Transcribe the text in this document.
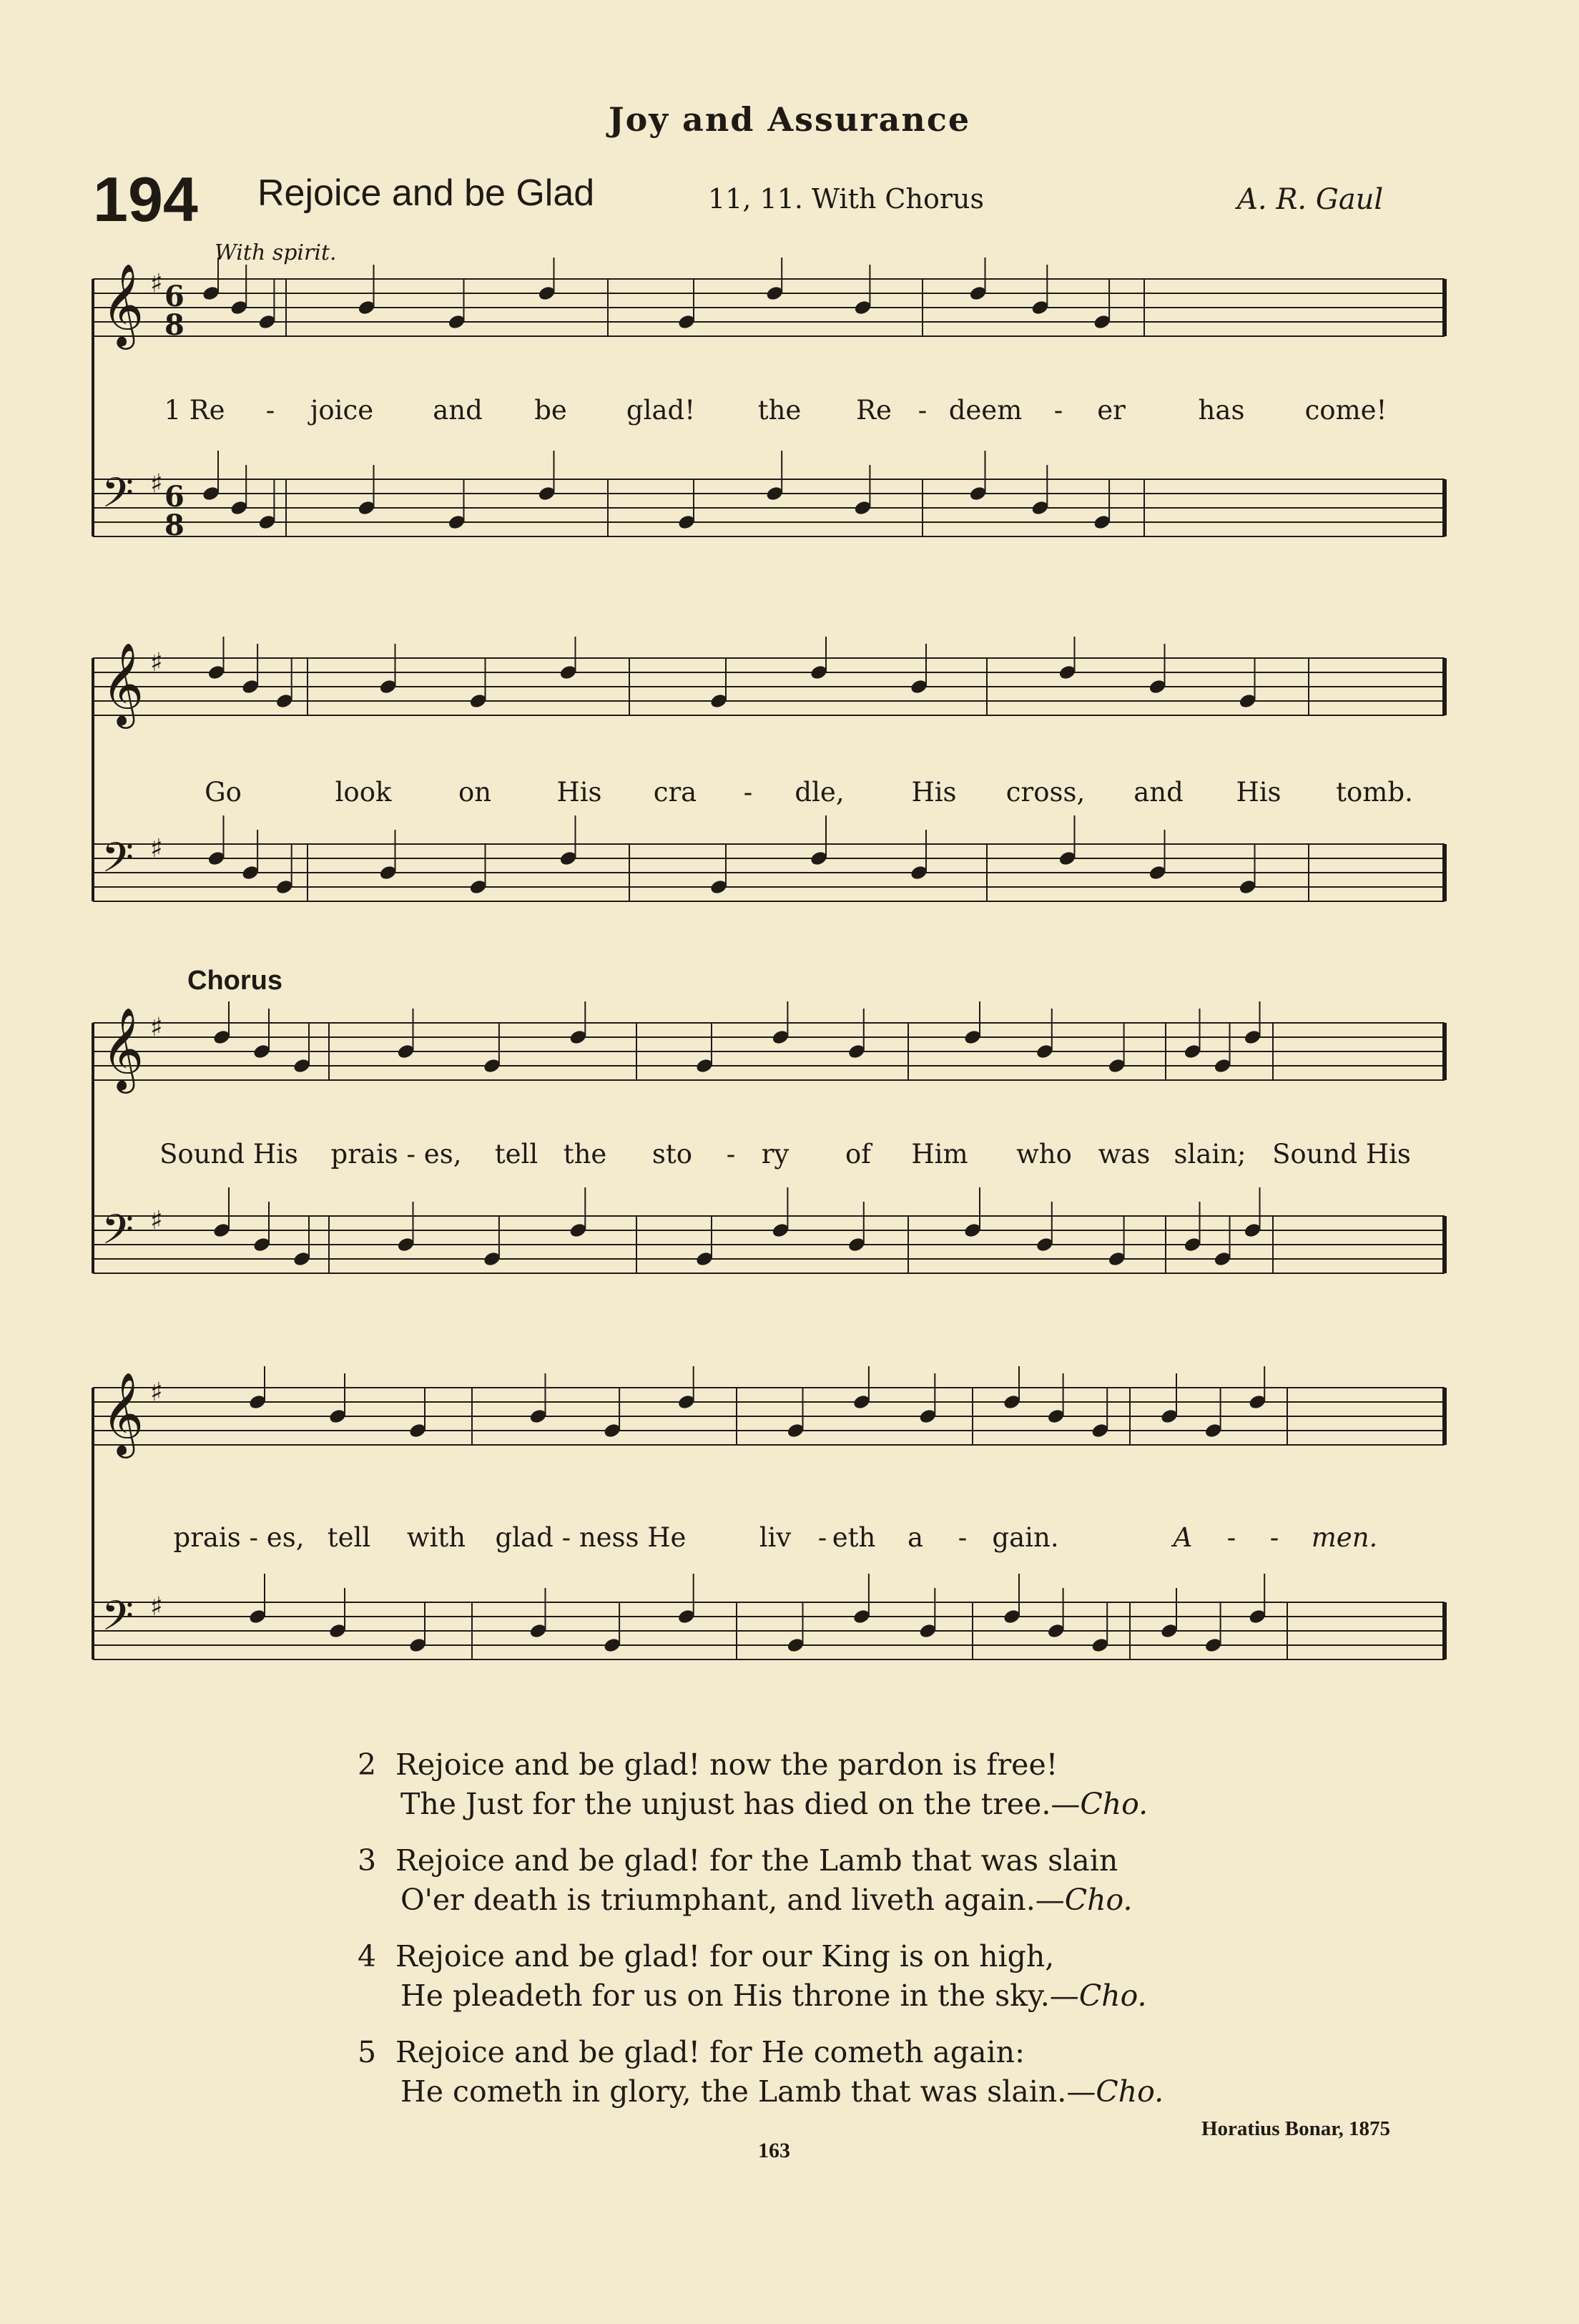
Joy and Assurance
194 Rejoice and be Glad	11, 11. With Chorus	A. R. Gaul
With spirit.
𝄞 ♯
𝄢 ♯
6
6
8
8
1 Re - joice and be glad! the Re - deem - er	has come!
𝄞 ♯
𝄢 ♯
Go	look	on His cra - dle,	His cross, and His tomb.
Chorus
𝄞 ♯
𝄢 ♯
Sound His prais - es, tell the sto - ry of Him who was slain; Sound His
𝄞 ♯
𝄢 ♯
prais - es, tell with glad - ness He	liv - eth a - gain.	A - - men.
2 Rejoice and be glad! now the pardon is free!
The Just for the unjust has died on the tree.—Cho.
3 Rejoice and be glad! for the Lamb that was slain
O'er death is triumphant, and liveth again.—Cho.
4 Rejoice and be glad! for our King is on high,
He pleadeth for us on His throne in the sky.—Cho.
5 Rejoice and be glad! for He cometh again:
He cometh in glory, the Lamb that was slain.—Cho.
Horatius Bonar, 1875
163
